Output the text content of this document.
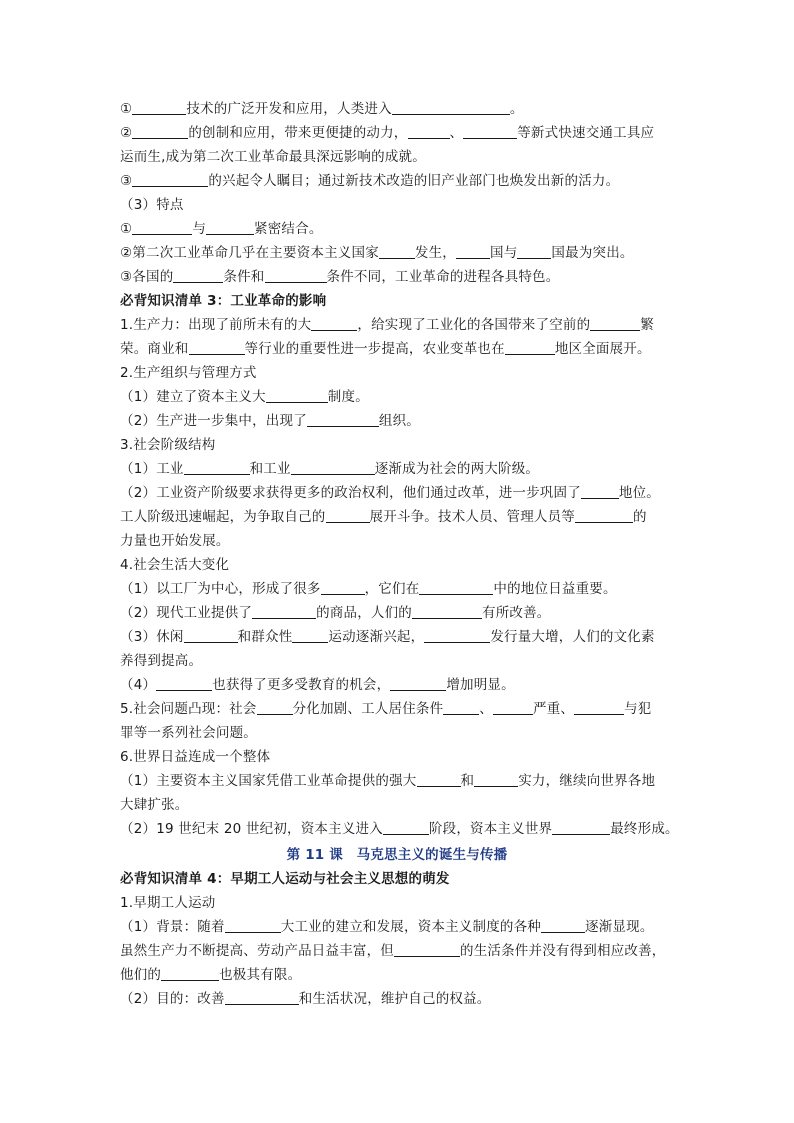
①	技术的广泛开发和应用，人类进入	。
②	的创制和应用，带来更便捷的动力，	、	等新式快速交通工具应
运而生,成为第二次工业革命最具深远影响的成就。
③	的兴起令人瞩目；通过新技术改造的旧产业部门也焕发出新的活力。
（3）特点
①	与	紧密结合。
②第二次工业革命几乎在主要资本主义国家	发生，	国与	国最为突出。
③各国的	条件和	条件不同，工业革命的进程各具特色。
必背知识清单 3：工业革命的影响
1.生产力：出现了前所未有的大	，给实现了工业化的各国带来了空前的	繁
荣。商业和	等行业的重要性进一步提高，农业变革也在	地区全面展开。
2.生产组织与管理方式
（1）建立了资本主义大	制度。
（2）生产进一步集中，出现了	组织。
3.社会阶级结构
（1）工业	和工业	逐渐成为社会的两大阶级。
（2）工业资产阶级要求获得更多的政治权利，他们通过改革，进一步巩固了	地位。
工人阶级迅速崛起，为争取自己的	展开斗争。技术人员、管理人员等	的
力量也开始发展。
4.社会生活大变化
（1）以工厂为中心，形成了很多	，它们在	中的地位日益重要。
（2）现代工业提供了	的商品，人们的	有所改善。
（3）休闲	和群众性	运动逐渐兴起，	发行量大增，人们的文化素
养得到提高。
（4）	也获得了更多受教育的机会，	增加明显。
5.社会问题凸现：社会	分化加剧、工人居住条件	、	严重、	与犯
罪等一系列社会问题。
6.世界日益连成一个整体
（1）主要资本主义国家凭借工业革命提供的强大	和	实力，继续向世界各地
大肆扩张。
（2）19 世纪末 20 世纪初，资本主义进入	阶段，资本主义世界	最终形成。
第 11 课　马克思主义的诞生与传播
必背知识清单 4：早期工人运动与社会主义思想的萌发
1.早期工人运动
（1）背景：随着	大工业的建立和发展，资本主义制度的各种	逐渐显现。
虽然生产力不断提高、劳动产品日益丰富，但	的生活条件并没有得到相应改善，
他们的	也极其有限。
（2）目的：改善	和生活状况，维护自己的权益。
